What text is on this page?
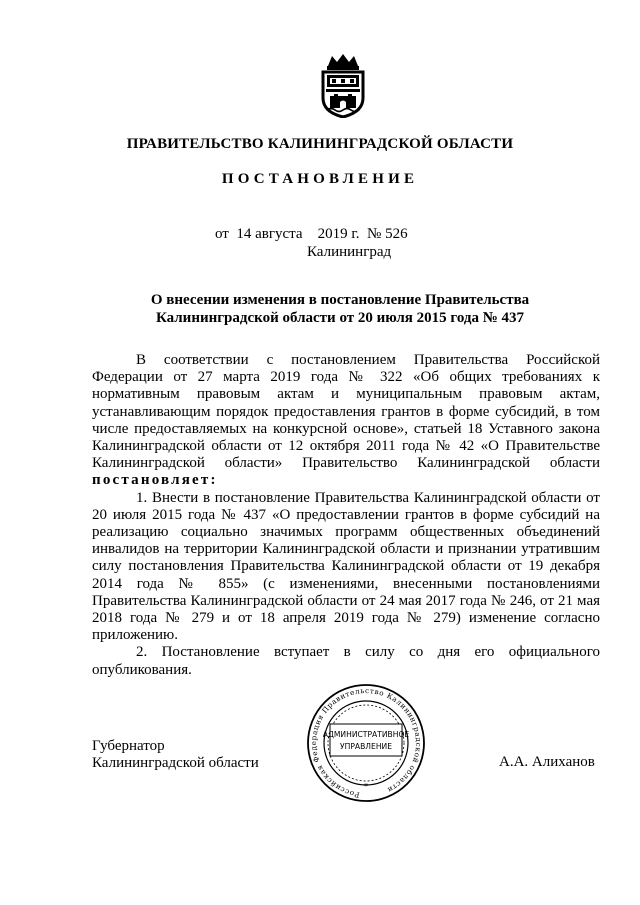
ПРАВИТЕЛЬСТВО КАЛИНИНГРАДСКОЙ ОБЛАСТИ
ПОСТАНОВЛЕНИЕ
от 14 августа 2019 г. № 526
Калининград
О внесении изменения в постановление Правительства
Калининградской области от 20 июля 2015 года № 437

В соответствии с постановлением Правительства Российской Федерации от 27 марта 2019 года № 322 «Об общих требованиях к нормативным правовым актам и муниципальным правовым актам, устанавливающим порядок предоставления грантов в форме субсидий, в том числе предоставляемых на конкурсной основе», статьей 18 Уставного закона Калининградской области от 12 октября 2011 года № 42 «О Правительстве Калининградской области» Правительство Калининградской области постановляет:

1. Внести в постановление Правительства Калининградской области от 20 июля 2015 года № 437 «О предоставлении грантов в форме субсидий на реализацию социально значимых программ общественных объединений инвалидов на территории Калининградской области и признании утратившим силу постановления Правительства Калининградской области от 19 декабря 2014 года № 855» (с изменениями, внесенными постановлениями Правительства Калининградской области от 24 мая 2017 года № 246, от 21 мая 2018 года № 279 и от 18 апреля 2019 года № 279) изменение согласно приложению.

2. Постановление вступает в силу со дня его официального опубликования.

Губернатор
Калининградской области	А.А. Алиханов
Российская Федерация Правительство Калининградской области
АДМИНИСТРАТИВНОЕ
УПРАВЛЕНИЕ
*
